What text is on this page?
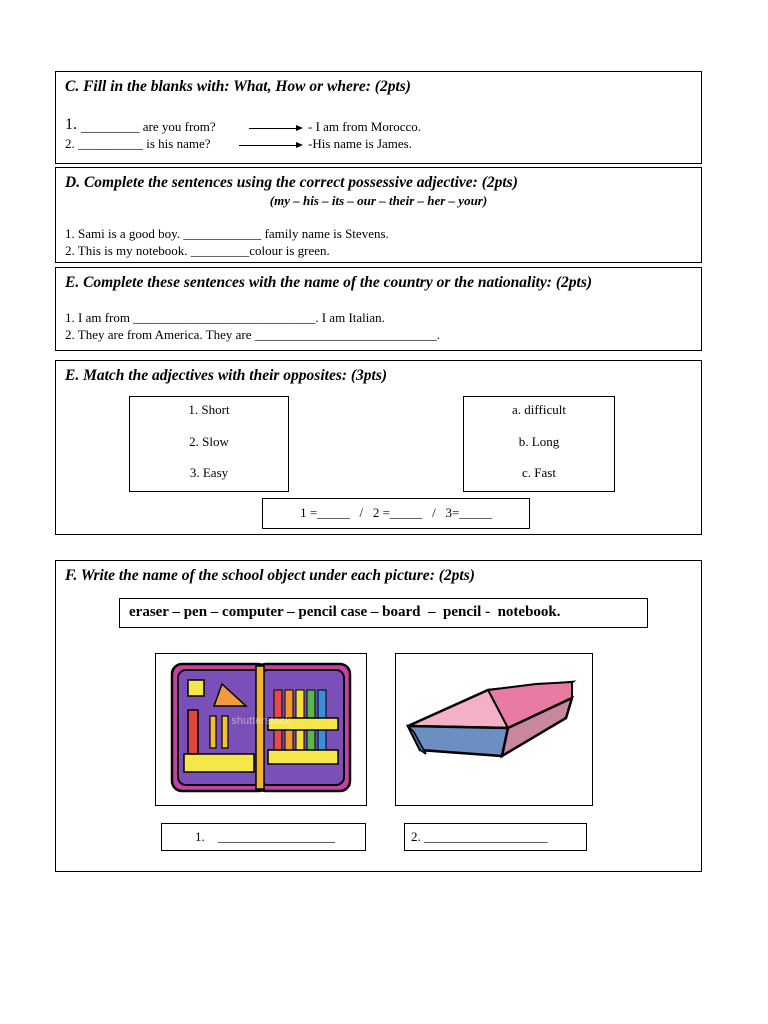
C. Fill in the blanks with: What, How or where: (2pts)
1. _________ are you from?	- I am from Morocco.
2. __________ is his name?	-His name is James.
D. Complete the sentences using the correct possessive adjective: (2pts)
(my – his – its – our – their – her – your)
1. Sami is a good boy. ____________ family name is Stevens.
2. This is my notebook. _________colour is green.
E. Complete these sentences with the name of the country or the nationality: (2pts)
1. I am from ____________________________. I am Italian.
2. They are from America. They are ____________________________.
E. Match the adjectives with their opposites: (3pts)
1. Short
2. Slow
3. Easy
a. difficult
b. Long
c. Fast
1 =_____   /   2 =_____   /   3=_____
F. Write the name of the school object under each picture: (2pts)
eraser – pen – computer – pencil case – board  –  pencil -  notebook.
shutterstock
1. __________________	2. ___________________
